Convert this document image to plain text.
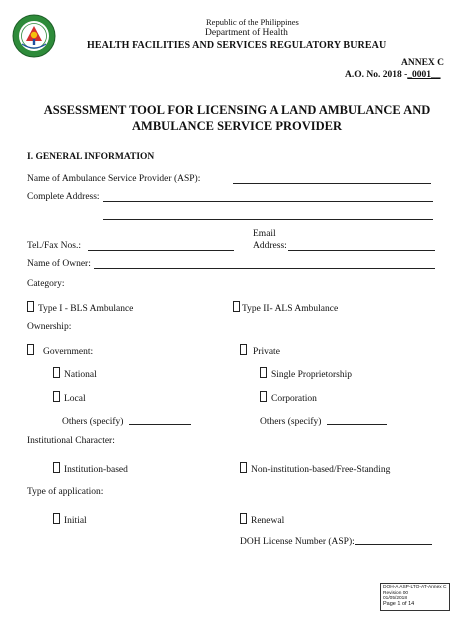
Republic of the Philippines
Department of Health
HEALTH FACILITIES AND SERVICES REGULATORY BUREAU
ANNEX C
A.O. No. 2018 -_0001__
ASSESSMENT TOOL FOR LICENSING A LAND AMBULANCE AND
AMBULANCE SERVICE PROVIDER
I. GENERAL INFORMATION
Name of Ambulance Service Provider (ASP):
Complete Address:
Email
Tel./Fax Nos.:	Address:
Name of Owner:
Category:
Type I - BLS Ambulance	Type II- ALS Ambulance
Ownership:
Government:	Private
National	Single Proprietorship
Local	Corporation
Others (specify)	Others (specify)
Institutional Character:
Institution-based	Non-institution-based/Free-Standing
Type of application:
Initial	Renewal
DOH License Number (ASP):
DOH-A ASP-LTO-AT-Annex C
Revision 00
01/05/2018
Page 1 of 14
